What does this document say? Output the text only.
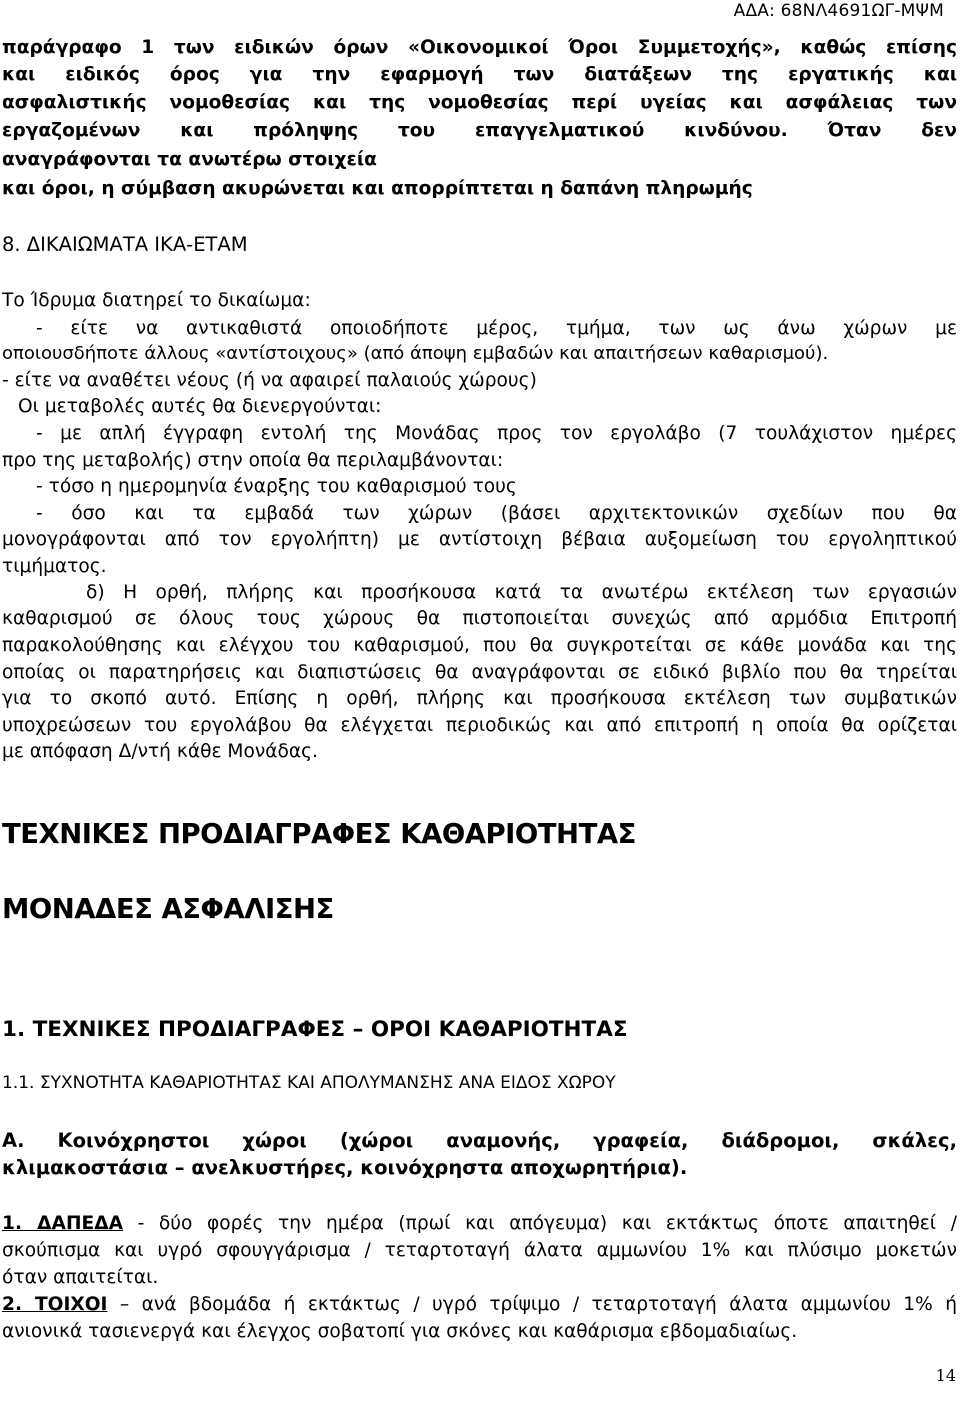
ΑΔΑ: 68ΝΛ4691ΩΓ-ΜΨΜ
παράγραφο 1 των ειδικών όρων «Οικονομικοί Όροι Συμμετοχής», καθώς επίσης
και ειδικός όρος για την εφαρμογή των διατάξεων της εργατικής και
ασφαλιστικής νομοθεσίας και της νομοθεσίας περί υγείας και ασφάλειας των
εργαζομένων και πρόληψης του επαγγελματικού κινδύνου. Όταν δεν
αναγράφονται τα ανωτέρω στοιχεία
και όροι, η σύμβαση ακυρώνεται και απορρίπτεται η δαπάνη πληρωμής
8. ΔΙΚΑΙΩΜΑΤΑ ΙΚΑ-ΕΤΑΜ
Το Ίδρυμα διατηρεί το δικαίωμα:
- είτε να αντικαθιστά οποιοδήποτε μέρος, τμήμα, των ως άνω χώρων με
οποιουσδήποτε άλλους «αντίστοιχους» (από άποψη εμβαδών και απαιτήσεων καθαρισμού).
- είτε να αναθέτει νέους (ή να αφαιρεί παλαιούς χώρους)
Οι μεταβολές αυτές θα διενεργούνται:
- με απλή έγγραφη εντολή της Μονάδας προς τον εργολάβο (7 τουλάχιστον ημέρες
προ της μεταβολής) στην οποία θα περιλαμβάνονται:
- τόσο η ημερομηνία έναρξης του καθαρισμού τους
- όσο και τα εμβαδά των χώρων (βάσει αρχιτεκτονικών σχεδίων που θα
μονογράφονται από τον εργολήπτη) με αντίστοιχη βέβαια αυξομείωση του εργοληπτικού
τιμήματος.
δ) Η ορθή, πλήρης και προσήκουσα κατά τα ανωτέρω εκτέλεση των εργασιών
καθαρισμού σε όλους τους χώρους θα πιστοποιείται συνεχώς από αρμόδια Επιτροπή
παρακολούθησης και ελέγχου του καθαρισμού, που θα συγκροτείται σε κάθε μονάδα και της
οποίας οι παρατηρήσεις και διαπιστώσεις θα αναγράφονται σε ειδικό βιβλίο που θα τηρείται
για το σκοπό αυτό. Επίσης η ορθή, πλήρης και προσήκουσα εκτέλεση των συμβατικών
υποχρεώσεων του εργολάβου θα ελέγχεται περιοδικώς και από επιτροπή η οποία θα ορίζεται
με απόφαση Δ/ντή κάθε Μονάδας.
ΤΕΧΝΙΚΕΣ ΠΡΟΔΙΑΓΡΑΦΕΣ ΚΑΘΑΡΙΟΤΗΤΑΣ
ΜΟΝΑΔΕΣ ΑΣΦΑΛΙΣΗΣ
1. ΤΕΧΝΙΚΕΣ ΠΡΟΔΙΑΓΡΑΦΕΣ – ΟΡΟΙ ΚΑΘΑΡΙΟΤΗΤΑΣ
1.1. ΣΥΧΝΟΤΗΤΑ ΚΑΘΑΡΙΟΤΗΤΑΣ ΚΑΙ ΑΠΟΛΥΜΑΝΣΗΣ ΑΝΑ ΕΙΔΟΣ ΧΩΡΟΥ
Α. Κοινόχρηστοι χώροι (χώροι αναμονής, γραφεία, διάδρομοι, σκάλες,
κλιμακοστάσια – ανελκυστήρες, κοινόχρηστα αποχωρητήρια).
1. ΔΑΠΕΔΑ - δύο φορές την ημέρα (πρωί και απόγευμα) και εκτάκτως όποτε απαιτηθεί /
σκούπισμα και υγρό σφουγγάρισμα / τεταρτοταγή άλατα αμμωνίου 1% και πλύσιμο μοκετών
όταν απαιτείται.
2. ΤΟΙΧΟΙ – ανά βδομάδα ή εκτάκτως / υγρό τρίψιμο / τεταρτοταγή άλατα αμμωνίου 1% ή
ανιονικά τασιενεργά και έλεγχος σοβατοπί για σκόνες και καθάρισμα εβδομαδιαίως.
14
